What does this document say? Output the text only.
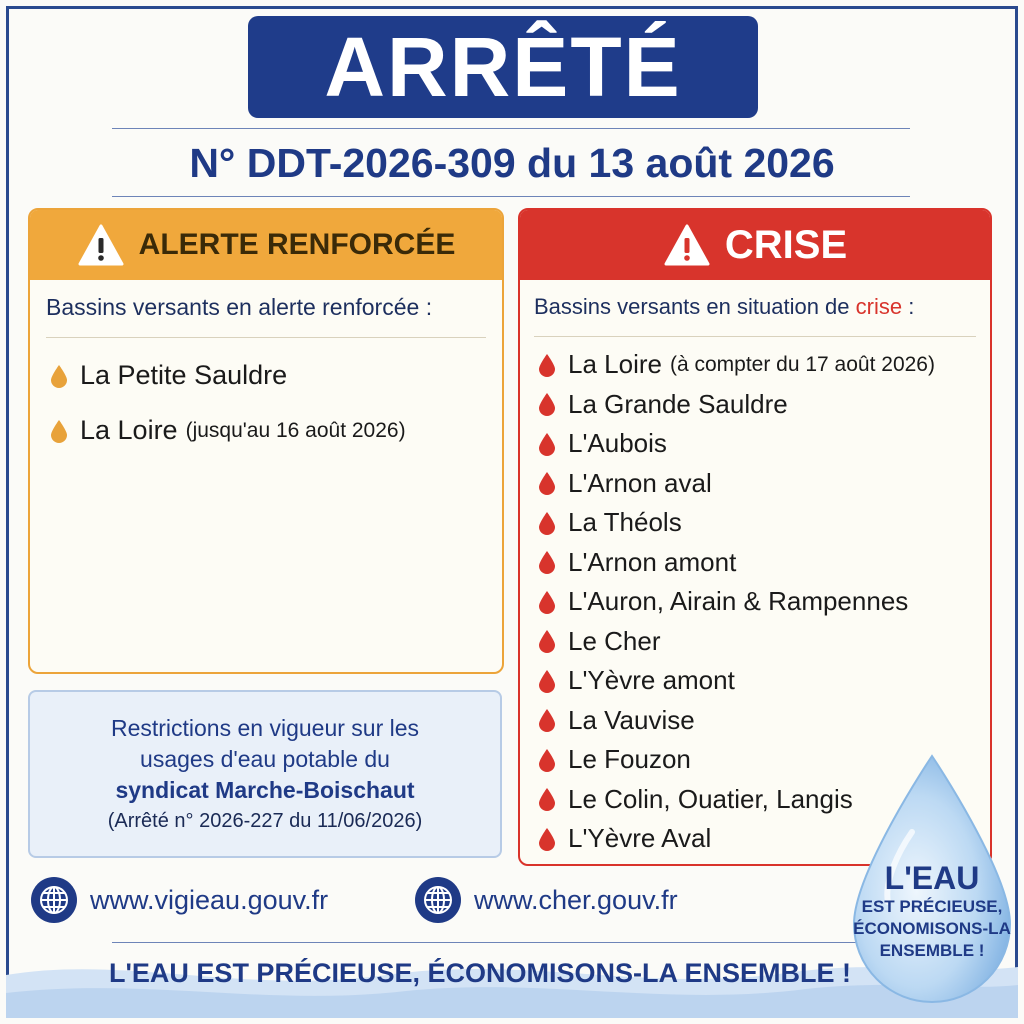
ARRÊTÉ
N° DDT-2026-309 du 13 août 2026
ALERTE RENFORCÉE
Bassins versants en alerte renforcée :
La Petite Sauldre
La Loire (jusqu'au 16 août 2026)
CRISE
Bassins versants en situation de crise :
La Loire (à compter du 17 août 2026)
La Grande Sauldre
L'Aubois
L'Arnon aval
La Théols
L'Arnon amont
L'Auron, Airain & Rampennes
Le Cher
L'Yèvre amont
La Vauvise
Le Fouzon
Le Colin, Ouatier, Langis
L'Yèvre Aval
Restrictions en vigueur sur les
usages d'eau potable du
syndicat Marche-Boischaut
(Arrêté n° 2026-227 du 11/06/2026)
www.vigieau.gouv.fr	www.cher.gouv.fr
L'EAU EST PRÉCIEUSE, ÉCONOMISONS-LA ENSEMBLE !
L'EAU
EST PRÉCIEUSE,
ÉCONOMISONS-LA
ENSEMBLE !
